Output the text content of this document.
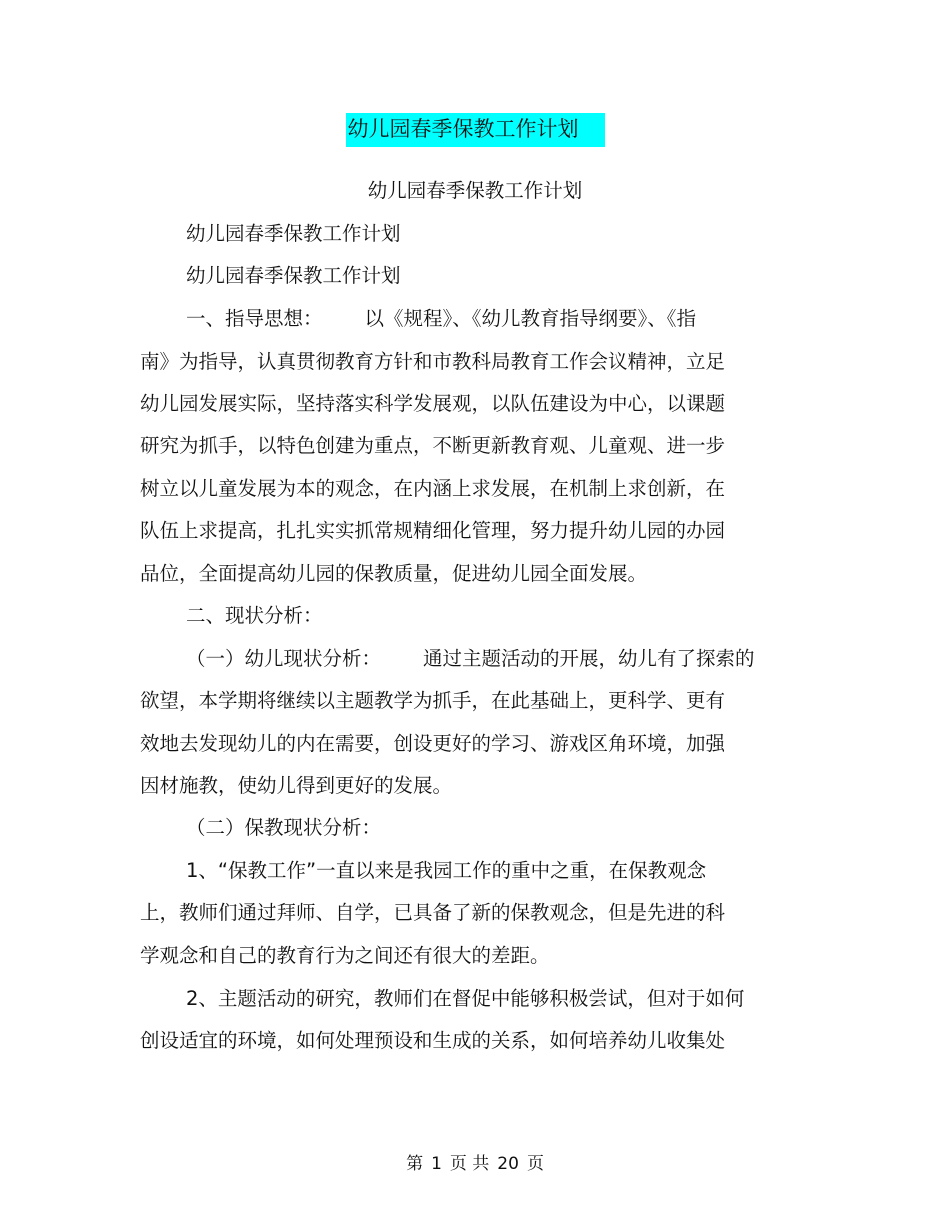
幼儿园春季保教工作计划
幼儿园春季保教工作计划
幼儿园春季保教工作计划
幼儿园春季保教工作计划
一、指导思想： 以《规程》、《幼儿教育指导纲要》、《指
南》为指导，认真贯彻教育方针和市教科局教育工作会议精神，立足
幼儿园发展实际，坚持落实科学发展观，以队伍建设为中心，以课题
研究为抓手，以特色创建为重点，不断更新教育观、儿童观、进一步
树立以儿童发展为本的观念，在内涵上求发展，在机制上求创新，在
队伍上求提高，扎扎实实抓常规精细化管理，努力提升幼儿园的办园
品位，全面提高幼儿园的保教质量，促进幼儿园全面发展。
二、现状分析：
（一）幼儿现状分析： 通过主题活动的开展，幼儿有了探索的
欲望，本学期将继续以主题教学为抓手，在此基础上，更科学、更有
效地去发现幼儿的内在需要，创设更好的学习、游戏区角环境，加强
因材施教，使幼儿得到更好的发展。
（二）保教现状分析：
1、“保教工作”一直以来是我园工作的重中之重，在保教观念
上，教师们通过拜师、自学，已具备了新的保教观念，但是先进的科
学观念和自己的教育行为之间还有很大的差距。
2、主题活动的研究，教师们在督促中能够积极尝试，但对于如何
创设适宜的环境，如何处理预设和生成的关系，如何培养幼儿收集处
第 1 页 共 20 页
